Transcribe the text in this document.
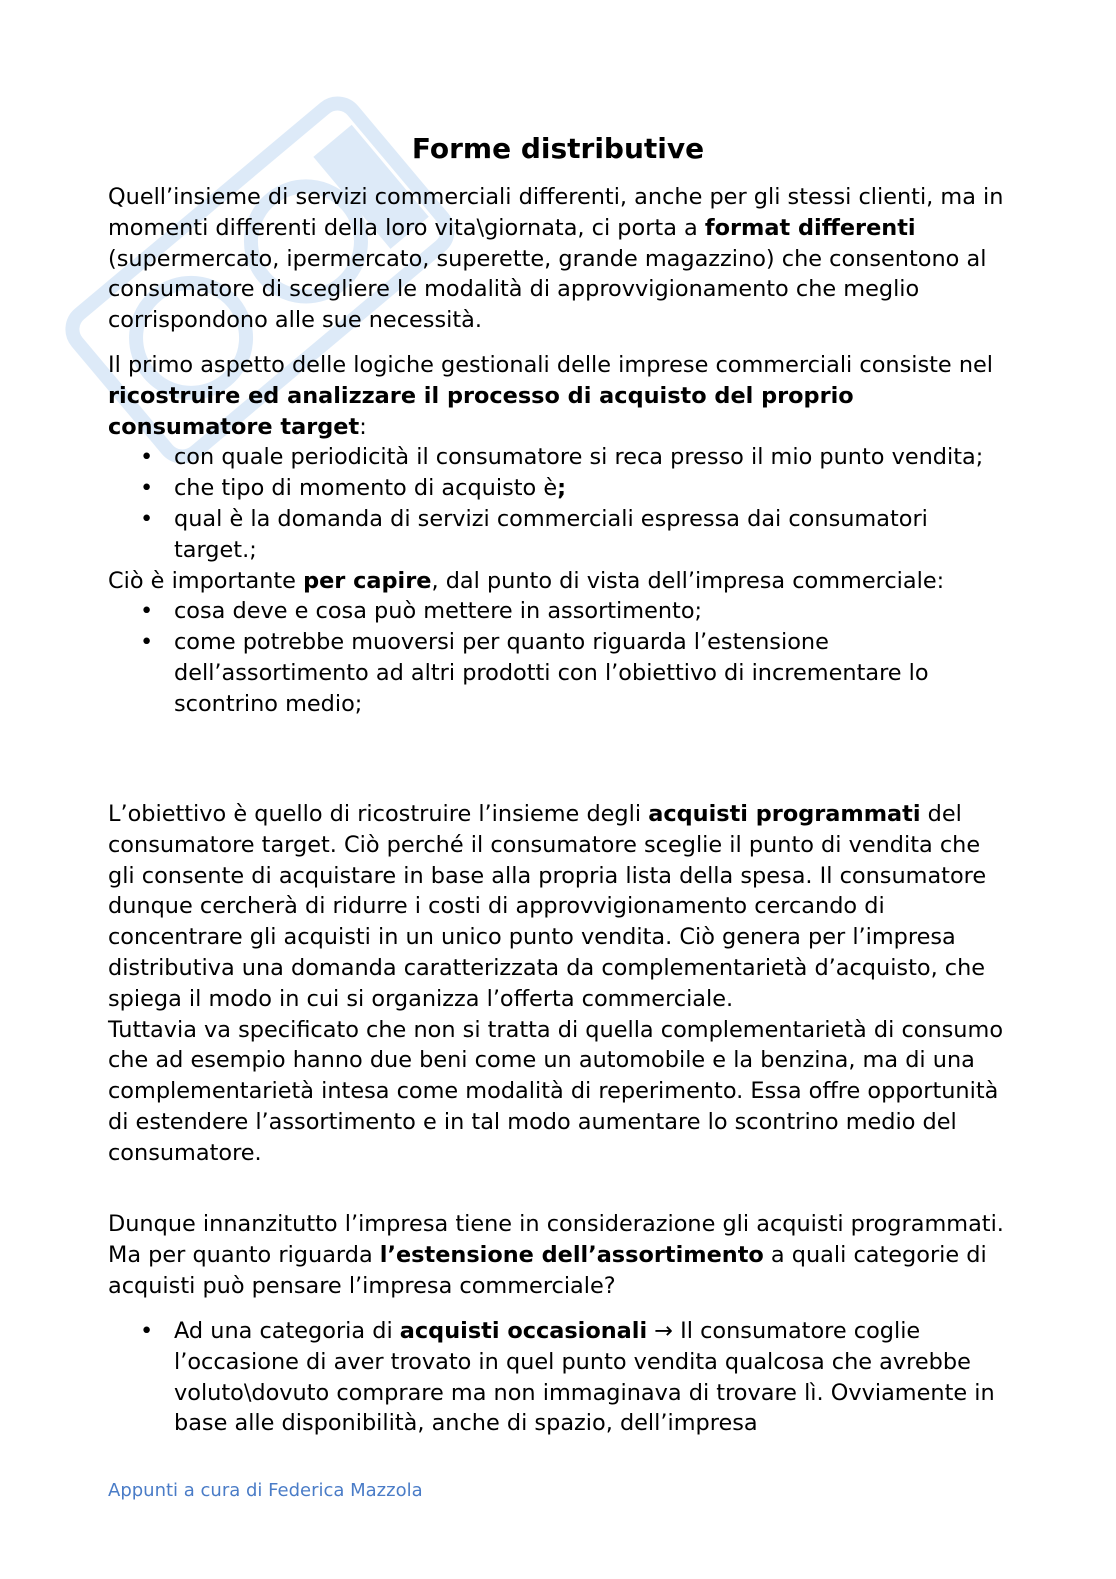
Forme distributive

Quell’insieme di servizi commerciali differenti, anche per gli stessi clienti, ma in momenti differenti della loro vita\giornata, ci porta a format differenti (supermercato, ipermercato, superette, grande magazzino) che consentono al consumatore di scegliere le modalità di approvvigionamento che meglio corrispondono alle sue necessità.

Il primo aspetto delle logiche gestionali delle imprese commerciali consiste nel ricostruire ed analizzare il processo di acquisto del proprio consumatore target:

• con quale periodicità il consumatore si reca presso il mio punto vendita;
• che tipo di momento di acquisto è;
• qual è la domanda di servizi commerciali espressa dai consumatori target.;

Ciò è importante per capire, dal punto di vista dell’impresa commerciale:

• cosa deve e cosa può mettere in assortimento;
• come potrebbe muoversi per quanto riguarda l’estensione dell’assortimento ad altri prodotti con l’obiettivo di incrementare lo scontrino medio;

L’obiettivo è quello di ricostruire l’insieme degli acquisti programmati del consumatore target. Ciò perché il consumatore sceglie il punto di vendita che gli consente di acquistare in base alla propria lista della spesa. Il consumatore dunque cercherà di ridurre i costi di approvvigionamento cercando di concentrare gli acquisti in un unico punto vendita. Ciò genera per l’impresa distributiva una domanda caratterizzata da complementarietà d’acquisto, che spiega il modo in cui si organizza l’offerta commerciale.

Tuttavia va specificato che non si tratta di quella complementarietà di consumo che ad esempio hanno due beni come un automobile e la benzina, ma di una complementarietà intesa come modalità di reperimento. Essa offre opportunità di estendere l’assortimento e in tal modo aumentare lo scontrino medio del consumatore.

Dunque innanzitutto l’impresa tiene in considerazione gli acquisti programmati. Ma per quanto riguarda l’estensione dell’assortimento a quali categorie di acquisti può pensare l’impresa commerciale?

• Ad una categoria di acquisti occasionali → Il consumatore coglie l’occasione di aver trovato in quel punto vendita qualcosa che avrebbe voluto\dovuto comprare ma non immaginava di trovare lì. Ovviamente in base alle disponibilità, anche di spazio, dell’impresa
Appunti a cura di Federica Mazzola
